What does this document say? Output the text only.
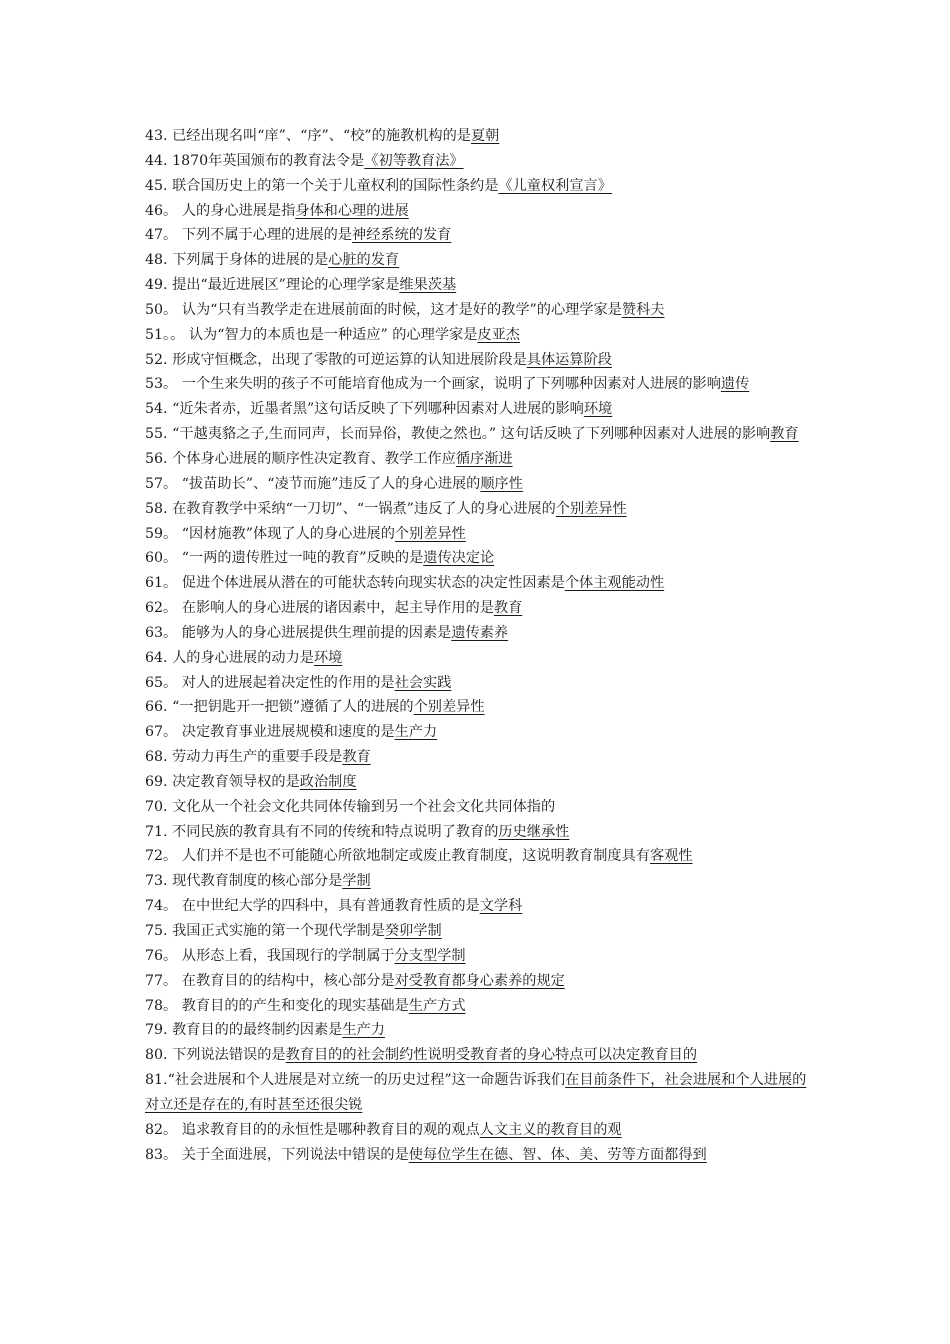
43. 已经出现名叫“庠”、“序”、“校”的施教机构的是夏朝

44. 1870年英国颁布的教育法令是《初等教育法》

45. 联合国历史上的第一个关于儿童权利的国际性条约是《儿童权利宣言》

46。 人的身心进展是指身体和心理的进展

47。 下列不属于心理的进展的是神经系统的发育

48. 下列属于身体的进展的是心脏的发育

49. 提出“最近进展区”理论的心理学家是维果茨基

50。 认为“只有当教学走在进展前面的时候，这才是好的教学”的心理学家是赞科夫

51。。 认为“智力的本质也是一种适应” 的心理学家是皮亚杰

52. 形成守恒概念，出现了零散的可逆运算的认知进展阶段是具体运算阶段

53。 一个生来失明的孩子不可能培育他成为一个画家，说明了下列哪种因素对人进展的影响遗传

54. “近朱者赤，近墨者黑”这句话反映了下列哪种因素对人进展的影响环境

55. “干越夷貉之子,生而同声，长而异俗，教使之然也。” 这句话反映了下列哪种因素对人进展的影响教育

56. 个体身心进展的顺序性决定教育、教学工作应循序渐进

57。 “拔苗助长”、“凌节而施”违反了人的身心进展的顺序性

58. 在教育教学中采纳“一刀切”、“一锅煮”违反了人的身心进展的个别差异性

59。 “因材施教”体现了人的身心进展的个别差异性

60。 “一两的遗传胜过一吨的教育”反映的是遗传决定论

61。 促进个体进展从潜在的可能状态转向现实状态的决定性因素是个体主观能动性

62。 在影响人的身心进展的诸因素中，起主导作用的是教育

63。 能够为人的身心进展提供生理前提的因素是遗传素养

64. 人的身心进展的动力是环境

65。 对人的进展起着决定性的作用的是社会实践

66. “一把钥匙开一把锁”遵循了人的进展的个别差异性

67。 决定教育事业进展规模和速度的是生产力

68. 劳动力再生产的重要手段是教育

69. 决定教育领导权的是政治制度

70. 文化从一个社会文化共同体传输到另一个社会文化共同体指的

71. 不同民族的教育具有不同的传统和特点说明了教育的历史继承性

72。 人们并不是也不可能随心所欲地制定或废止教育制度，这说明教育制度具有客观性

73. 现代教育制度的核心部分是学制

74。 在中世纪大学的四科中，具有普通教育性质的是文学科

75. 我国正式实施的第一个现代学制是癸卯学制

76。 从形态上看，我国现行的学制属于分支型学制

77。 在教育目的的结构中，核心部分是对受教育都身心素养的规定

78。 教育目的的产生和变化的现实基础是生产方式

79. 教育目的的最终制约因素是生产力

80. 下列说法错误的是教育目的的社会制约性说明受教育者的身心特点可以决定教育目的

81.“社会进展和个人进展是对立统一的历史过程”这一命题告诉我们在目前条件下，社会进展和个人进展的对立还是存在的,有时甚至还很尖锐

82。 追求教育目的的永恒性是哪种教育目的观的观点人文主义的教育目的观

83。 关于全面进展，下列说法中错误的是使每位学生在德、智、体、美、劳等方面都得到
